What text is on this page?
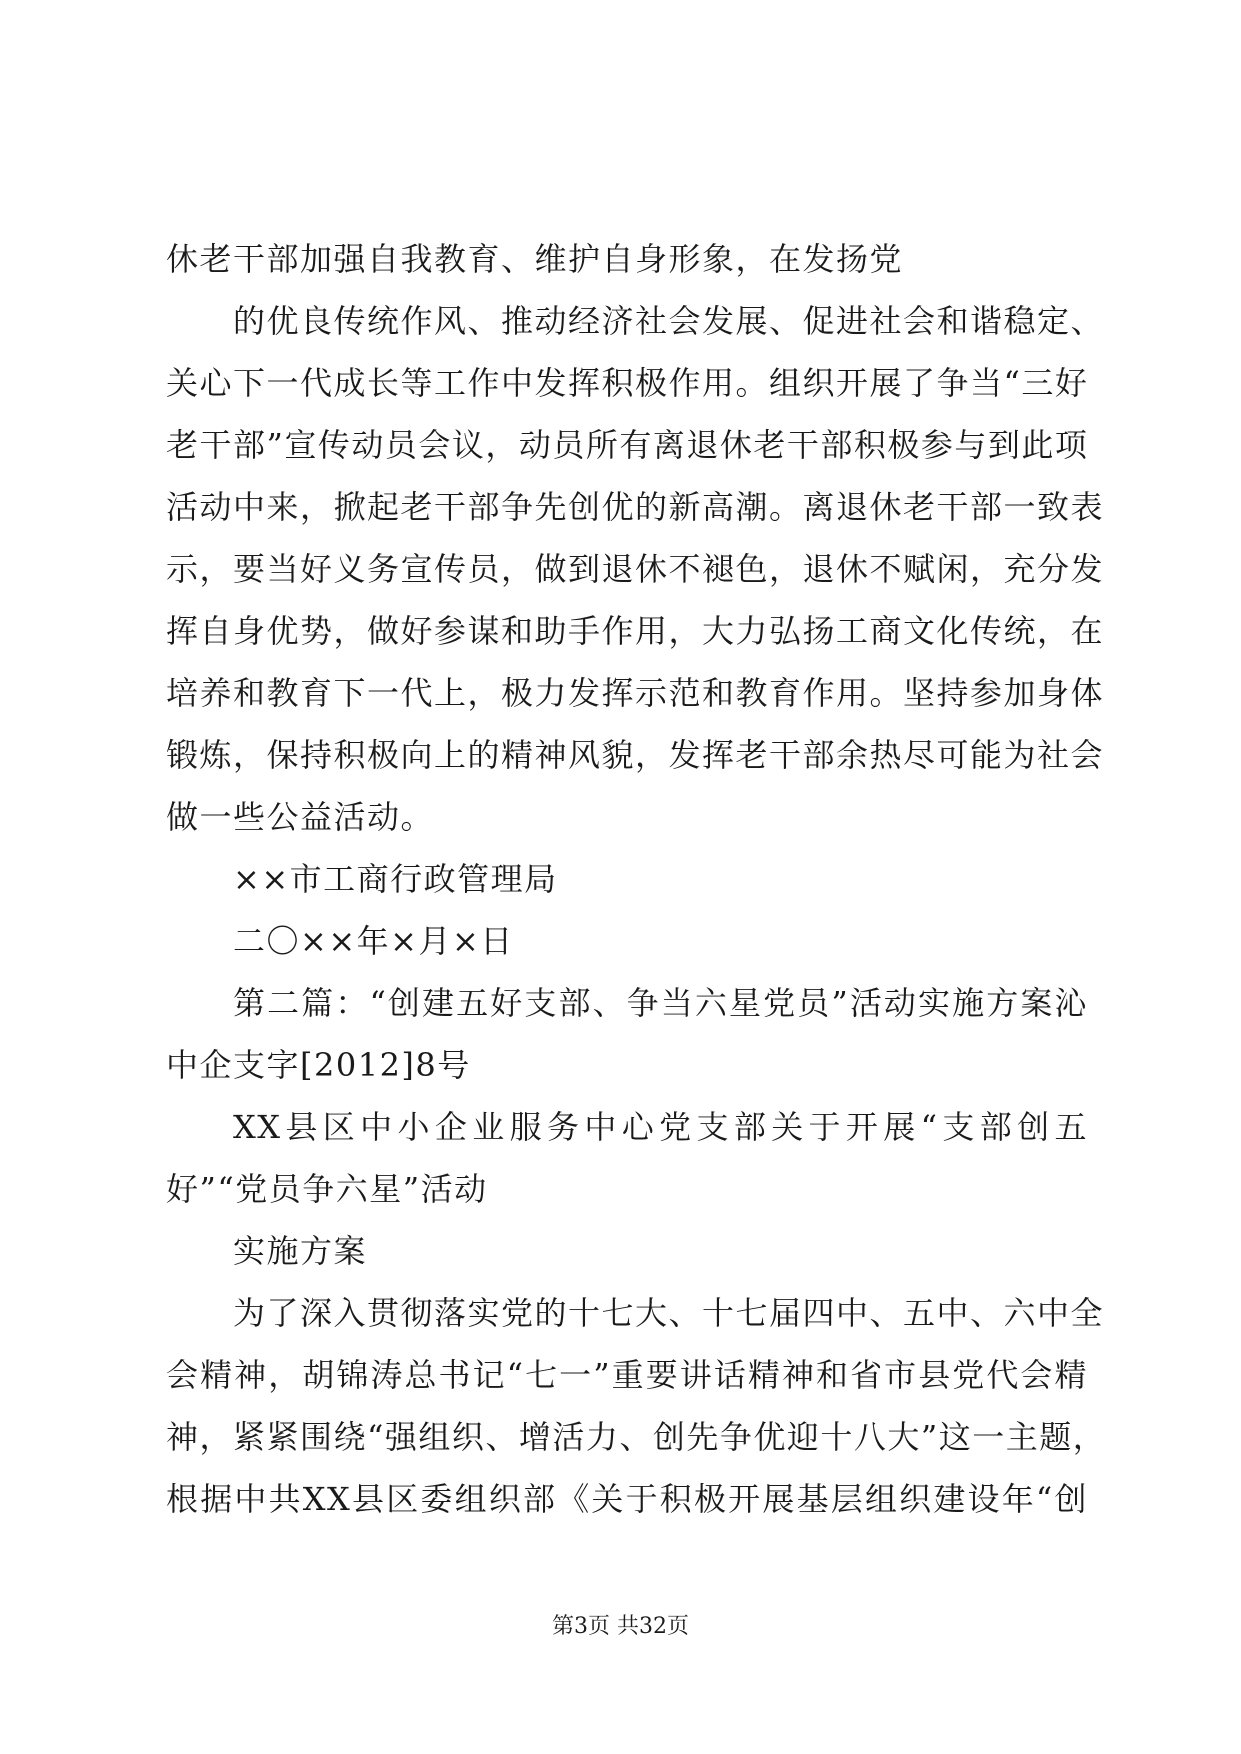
休老干部加强自我教育、维护自身形象，在发扬党
的优良传统作风、推动经济社会发展、促进社会和谐稳定、
关心下一代成长等工作中发挥积极作用。组织开展了争当“三好
老干部”宣传动员会议，动员所有离退休老干部积极参与到此项
活动中来，掀起老干部争先创优的新高潮。离退休老干部一致表
示，要当好义务宣传员，做到退休不褪色，退休不赋闲，充分发
挥自身优势，做好参谋和助手作用，大力弘扬工商文化传统，在
培养和教育下一代上，极力发挥示范和教育作用。坚持参加身体
锻炼，保持积极向上的精神风貌，发挥老干部余热尽可能为社会
做一些公益活动。
××市工商行政管理局
二〇××年×月×日
第二篇：“创建五好支部、争当六星党员”活动实施方案沁
中企支字[2012]8号
XX县区中小企业服务中心党支部关于开展“支部创五
好”“党员争六星”活动
实施方案
为了深入贯彻落实党的十七大、十七届四中、五中、六中全
会精神，胡锦涛总书记“七一”重要讲话精神和省市县党代会精
神，紧紧围绕“强组织、增活力、创先争优迎十八大”这一主题，
根据中共XX县区委组织部《关于积极开展基层组织建设年“创
第3页 共32页
